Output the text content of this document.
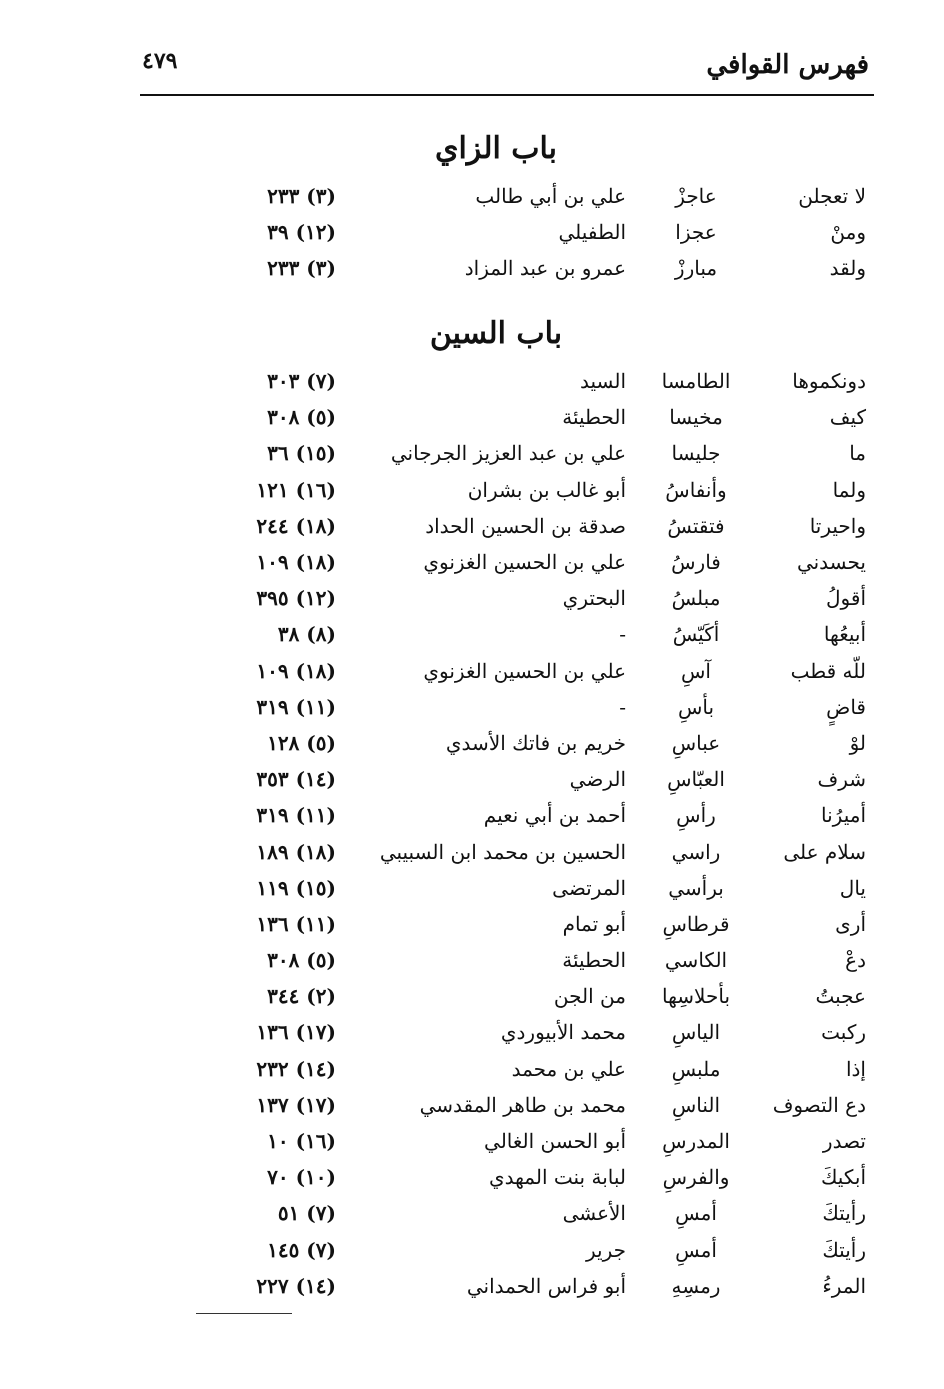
فهرس القوافي
٤٧٩
باب الزاي
لا تعجلن
عاجزْ
علي بن أبي طالب
(٣) ٢٣٣
ومنْ
عجزا
الطفيلي
(١٢) ٣٩
ولقد
مبارزْ
عمرو بن عبد المزاد
(٣) ٢٣٣
باب السين
دونكموها
الطامسا
السيد
(٧) ٣٠٣
كيف
مخيسا
الحطيئة
(٥) ٣٠٨
ما
جليسا
علي بن عبد العزيز الجرجاني
(١٥) ٣٦
ولما
وأنفاسُ
أبو غالب بن بشران
(١٦) ١٢١
واحيرتا
فتقتسُ
صدقة بن الحسين الحداد
(١٨) ٢٤٤
يحسدني
فارسُ
علي بن الحسين الغزنوي
(١٨) ١٠٩
أقولُ
مبلسُ
البحتري
(١٢) ٣٩٥
أبيعُها
أكَيّسُ
-
(٨) ٣٨
للّه قطب
آسِ
علي بن الحسين الغزنوي
(١٨) ١٠٩
قاضٍ
بأسِ
-
(١١) ٣١٩
لوْ
عباسِ
خريم بن فاتك الأسدي
(٥) ١٢٨
شرف
العبّاسِ
الرضي
(١٤) ٣٥٣
أميرُنا
رأسِ
أحمد بن أبي نعيم
(١١) ٣١٩
سلام على
راسي
الحسين بن محمد ابن السبيبي
(١٨) ١٨٩
يال
برأسي
المرتضى
(١٥) ١١٩
أرى
قرطاسِ
أبو تمام
(١١) ١٣٦
دعْ
الكاسي
الحطيئة
(٥) ٣٠٨
عجبتُ
بأحلاسِها
من الجن
(٢) ٣٤٤
ركبت
الياسِ
محمد الأبيوردي
(١٧) ١٣٦
إذا
ملبسِ
علي بن محمد
(١٤) ٢٣٢
دع التصوف
الناسِ
محمد بن طاهر المقدسي
(١٧) ١٣٧
تصدر
المدرسِ
أبو الحسن الغالي
(١٦) ١٠
أبكيكَ
والفرسِ
لبابة بنت المهدي
(١٠) ٧٠
رأيتكَ
أمسِ
الأعشى
(٧) ٥١
رأيتكَ
أمسِ
جرير
(٧) ١٤٥
المرءُ
رمسِهِ
أبو فراس الحمداني
(١٤) ٢٢٧
